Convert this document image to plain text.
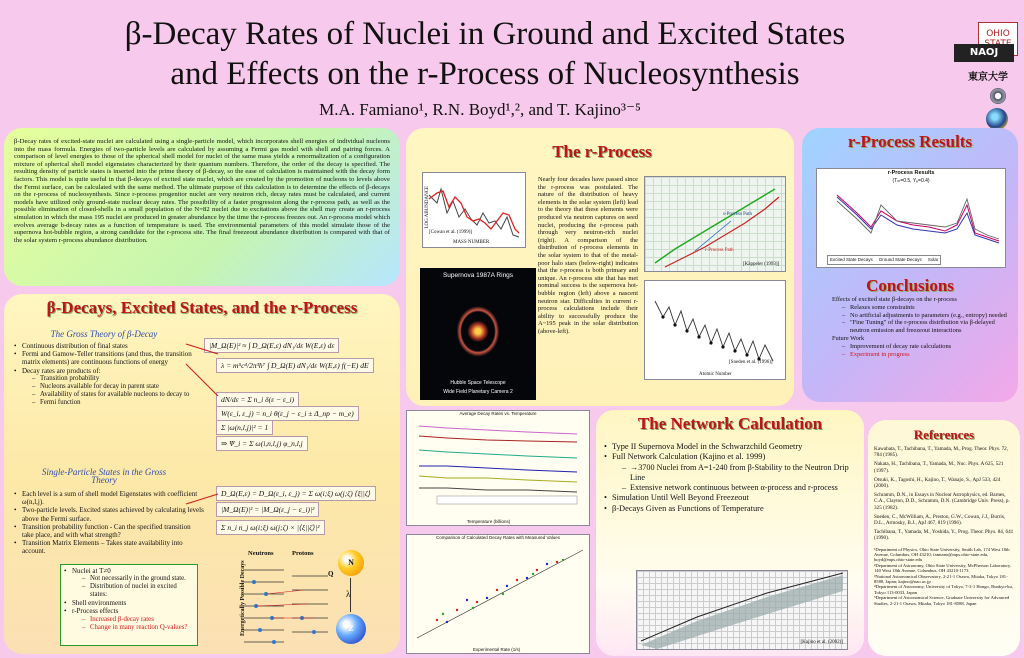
β-Decay Rates of Nuclei in Ground and Excited States
and Effects on the r-Process of Nucleosynthesis
M.A. Famiano¹, R.N. Boyd¹,², and T. Kajino³⁻⁵
OHIO
NAOJ
東京大学
β-Decay rates of excited-state nuclei are calculated using a single-particle model, which incorporates shell energies of individual nucleons into the mass formula. Energies of two-particle levels are calculated by assuming a Fermi gas model with shell and pairing forces. A comparison of level energies to those of the spherical shell model for nuclei of the same mass yields a renormalization of a configuration mixture of spherical shell model eigenstates characterized by their quantum numbers. Therefore, the order of the decay is specified. The resulting density of particle states is inserted into the prime theory of β-decay, so the ease of calculation is maintained with the decay form factors. This model is quite useful in that β-decays of excited state nuclei, which are created by the promotion of nucleons to levels above the Fermi surface, can be calculated with the same method. The ultimate purpose of this calculation is to determine the effects of β-decays on the r-process of nucleosynthesis. Since r-process progenitor nuclei are very neutron rich, decay rates must be calculated, and current models have utilized only ground-state nuclear decay rates. The possibility of a faster progression along the r-process path, as well as the possible elimination of closed-shells in a small population of the N=82 nuclei due to excitations above the shell may create an r-process simulation in which the mass 195 nuclei are produced in greater abundance by the time the r-process freezes out. An r-process model which evolves average b-decay rates as a function of temperature is used. The environmental parameters of this model simulate those of the supernova hot-bubble region, a strong candidate for the r-process site. The final freezeout abundance distribution is compared with that of the solar system r-process abundance distribution.
β-Decays, Excited States, and the r-Process
The Gross Theory of β-Decay
• Continuous distribution of final states
• Fermi and Gamow-Teller transitions (and thus, the transition matrix elements) are continuous functions of energy
• Decay rates are products of:
– Transition probability
– Nucleons available for decay in parent state
– Availability of states for available nucleons to decay to
– Fermi function
Single-Particle States in the Gross Theory
• Each level is a sum of shell model Eigenstates with coefficient ω(n,l,j).
• Two-particle levels. Excited states achieved by calculating levels above the Fermi surface.
• Transition probability function - Can the specified transition take place, and with what strength?
• Transition Matrix Elements – Takes state availability into account.
• Nuclei at T≠0
– Not necessarily in the ground state.
– Distribution of nuclei in excited states:
• Shell environments
• r-Process effects
– Increased β-decay rates
– Change in many reaction Q-values?
|M_Ω(E)|² ≈ ∫ D_Ω(E,ε) dN₁/dε W(E,ε) dε
λ = m⁵c⁴/2π³ħ⁷ ∫ D_Ω(E) dN₁/dε W(E,ε) f(−E) dE
dN/dε = Σ n_i δ(ε − ε_i)
W(ε_i, ε_j) = n_i θ(ε_j − ε_i ± Δ_np − m_e)
Σ |ω(n,l,j)|² = 1
⇒ Ψ_i = Σ ω(i,n,l,j) φ_n,l,j
D_Ω(E,ε) = D_Ω(ε_i, ε_j) = Σ ω(i;ξ) ω(j;ζ) ⟨ξ||ζ⟩
|M_Ω(E)|² = |M_Ω(ε_j − ε_i)|²
Σ n_i n_j ω(i;ξ) ω(j;ζ) × |⟨ξ||ζ⟩|²
Energetically Possible Decays
Neutrons	Protons
Q
N
λ
Z
The r-Process
LOG ABUNDANCE
MASS NUMBER
[Cowan et al. (1999)]
Supernova 1987A Rings
Hubble Space Telescope
Wide Field Planetary Camera 2
Nearly four decades have passed since the r-process was postulated. The nature of the distribution of heavy elements in the solar system (left) lead to the theory that these elements were produced via neutron captures on seed nuclei, producing the r-process path through very neutron-rich nuclei (right). A comparison of the distribution of r-process elements in the solar system to that of the metal-poor halo stars (below-right) indicates that the r-process is both primary and unique. An r-process site that has met nominal success is the supernova hot-bubble region (left) above a nascent neutron star. Difficulties in current r-process calculations include their ability to successfully produce the A~195 peak in the solar distribution (above-left).
s-Process Path
r-Process Path
[Käppeler (1993)]
[Sneden et al. (1996)]
Atomic Number
r-Process Results
r-Process Results
(Tₘ=0.5, Yₑ=0.4)
Excited State Decays Ground State Decays Solar
Conclusions
Effects of excited state β-decays on the r-process
– Relaxes some constraints
– No artificial adjustments to parameters (e.g., entropy) needed
– "Fine Tuning" of the r-process distribution via β-delayed neutron emission and freezeout interactions
Future Work
– Improvement of decay rate calculations
– Experiment in progress
Average Decay Rates vs. Temperature
Temperature (billions)
Comparison of Calculated Decay Rates with Measured Values
Experimental Rate (1/s)
The Network Calculation
• Type II Supernova Model in the Schwarzchild Geometry
• Full Network Calculation (Kajino et al. 1999)
– →3700 Nuclei from A=1-240 from β-Stability to the Neutron Drip Line
– Extensive network continuous between α-process and r-process
• Simulation Until Well Beyond Freezeout
• β-Decays Given as Functions of Temperature
[Kajino et al. (2002)]
References
Kawabata, T., Tachibana, T., Yamada, M., Prog. Theor. Phys. 72, 784 (1985).
Nakata, H., Tachibana, T., Yamada, M., Nuc. Phys. A 625, 521 (1997).
Otsuki, K., Tagoshi, H., Kajino, T., Wanajo, S., ApJ 533, 424 (2000).
Schramm, D.N., in Essays in Nuclear Astrophysics, ed. Barnes, C.A., Clayton, D.D., Schramm, D.N. (Cambridge Univ. Press), p. 325 (1982).
Sneden, C., McWilliam, A., Preston, G.W., Cowan, J.J., Burris, D.L., Armosky, B.J., ApJ 467, 819 (1996).
Tachibana, T., Yamada, M., Yoshida, Y., Prog. Theor. Phys. 84, 641 (1990).
¹Department of Physics, Ohio State University, Smith Lab, 174 West 18th Avenue, Columbus, OH 43210; famiano@mps.ohio-state.edu, boyd@mps.ohio-state.edu
²Department of Astronomy, Ohio State University, McPherson Laboratory, 140 West 18th Avenue, Columbus, OH 43210-1173
³National Astronomical Observatory, 2-21-1 Osawa, Mitaka, Tokyo 181-8588, Japan; kajino@nao.ac.jp
⁴Department of Astronomy, University of Tokyo, 7-3-1 Hongo, Bunkyo-ku, Tokyo 113-0033, Japan
⁵Department of Astronomical Science, Graduate University for Advanced Studies, 2-21-1 Osawa, Mitaka, Tokyo 181-8588, Japan
